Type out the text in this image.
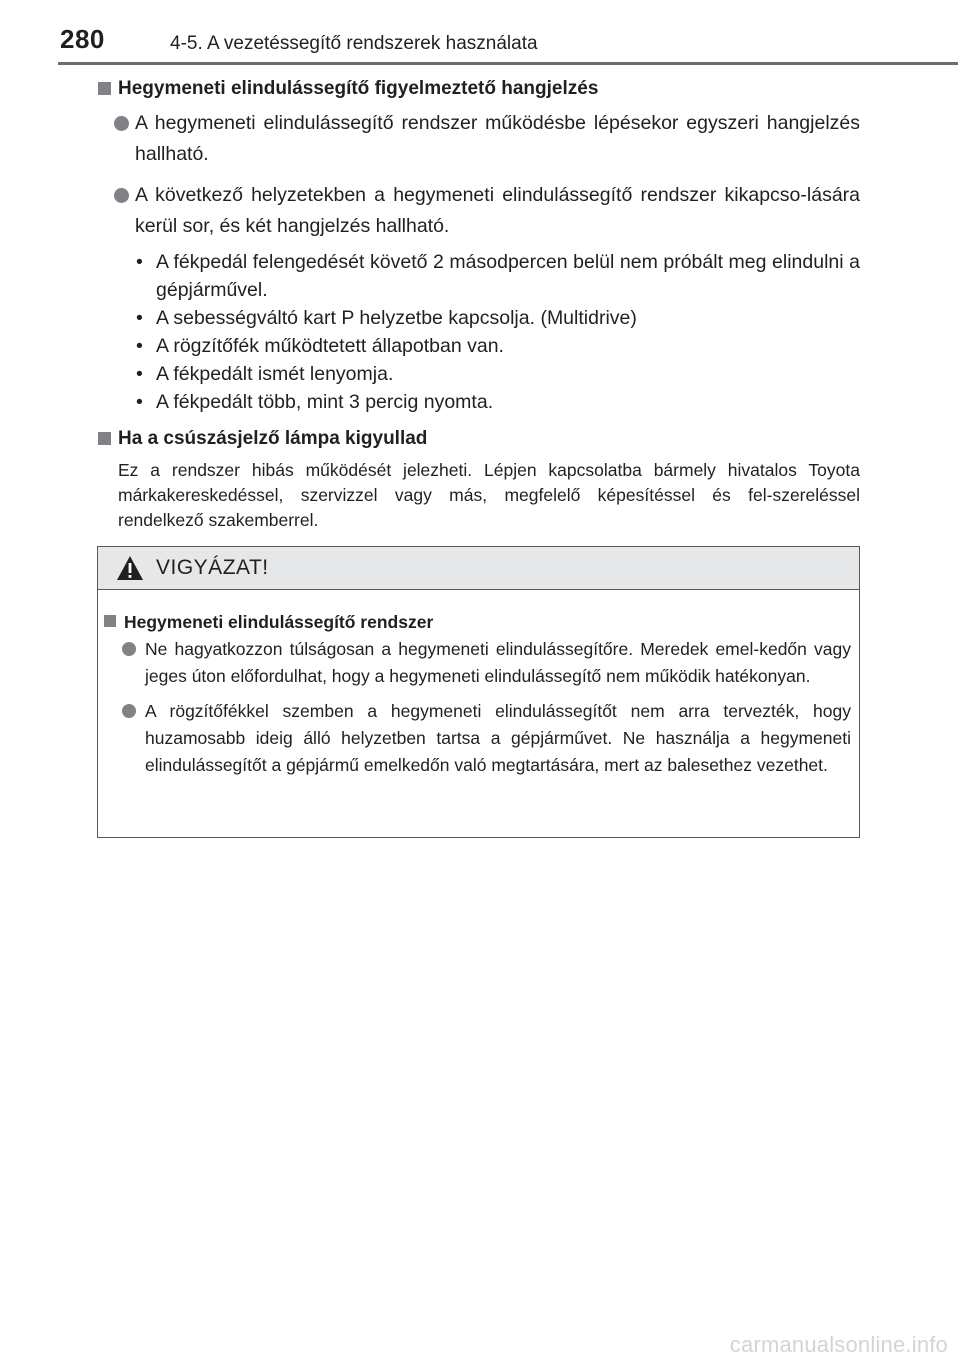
280	4-5. A vezetéssegítő rendszerek használata
Hegymeneti elindulássegítő figyelmeztető hangjelzés
A hegymeneti elindulássegítő rendszer működésbe lépésekor egyszeri hangjelzés hallható.
A következő helyzetekben a hegymeneti elindulássegítő rendszer kikapcso-lására kerül sor, és két hangjelzés hallható.
• A fékpedál felengedését követő 2 másodpercen belül nem próbált meg elindulni a gépjárművel.
• A sebességváltó kart P helyzetbe kapcsolja. (Multidrive)
• A rögzítőfék működtetett állapotban van.
• A fékpedált ismét lenyomja.
• A fékpedált több, mint 3 percig nyomta.
Ha a csúszásjelző lámpa kigyullad
Ez a rendszer hibás működését jelezheti. Lépjen kapcsolatba bármely hivatalos Toyota márkakereskedéssel, szervizzel vagy más, megfelelő képesítéssel és fel-szereléssel rendelkező szakemberrel.
VIGYÁZAT!
Hegymeneti elindulássegítő rendszer
Ne hagyatkozzon túlságosan a hegymeneti elindulássegítőre. Meredek emel-kedőn vagy jeges úton előfordulhat, hogy a hegymeneti elindulássegítő nem működik hatékonyan.
A rögzítőfékkel szemben a hegymeneti elindulássegítőt nem arra tervezték, hogy huzamosabb ideig álló helyzetben tartsa a gépjárművet. Ne használja a hegymeneti elindulássegítőt a gépjármű emelkedőn való megtartására, mert az balesethez vezethet.
carmanualsonline.info
